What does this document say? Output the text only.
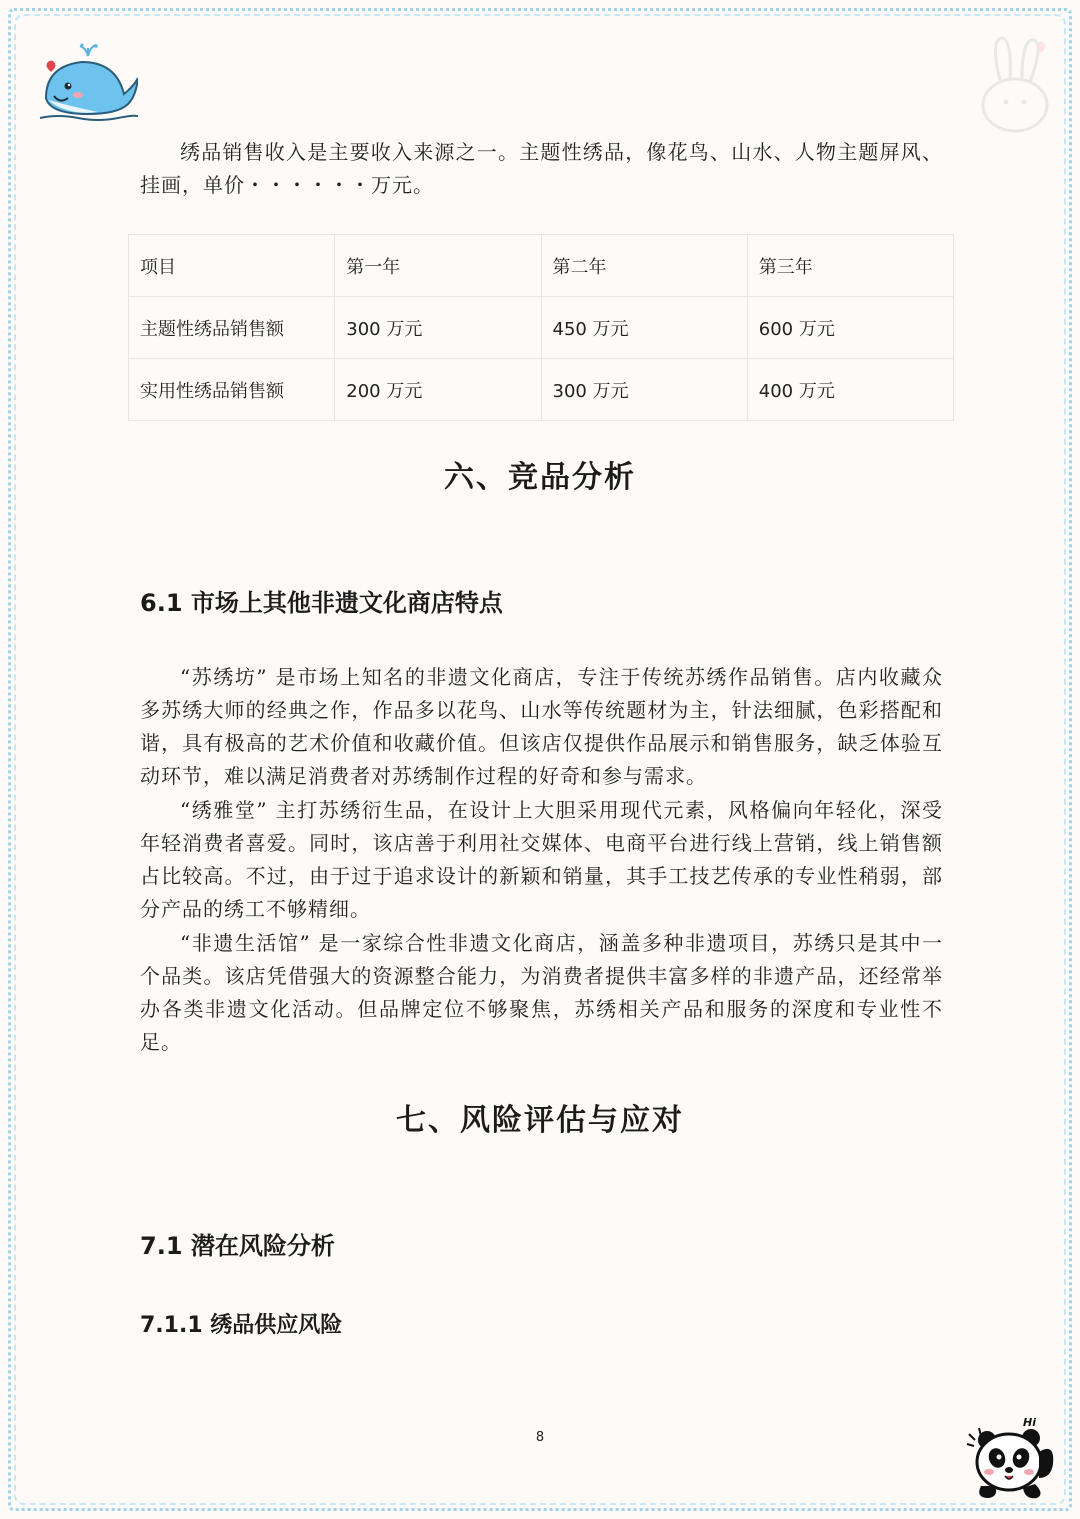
绣品销售收入是主要收入来源之一。主题性绣品，像花鸟、山水、人物主题屏风、挂画，单价・・・・・・万元。

项目	第一年	第二年	第三年
主题性绣品销售额	300 万元	450 万元	600 万元
实用性绣品销售额	200 万元	300 万元	400 万元
六、竞品分析
6.1 市场上其他非遗文化商店特点

“苏绣坊” 是市场上知名的非遗文化商店，专注于传统苏绣作品销售。店内收藏众多苏绣大师的经典之作，作品多以花鸟、山水等传统题材为主，针法细腻，色彩搭配和谐，具有极高的艺术价值和收藏价值。但该店仅提供作品展示和销售服务，缺乏体验互动环节，难以满足消费者对苏绣制作过程的好奇和参与需求。

“绣雅堂” 主打苏绣衍生品，在设计上大胆采用现代元素，风格偏向年轻化，深受年轻消费者喜爱。同时，该店善于利用社交媒体、电商平台进行线上营销，线上销售额占比较高。不过，由于过于追求设计的新颖和销量，其手工技艺传承的专业性稍弱，部分产品的绣工不够精细。

“非遗生活馆” 是一家综合性非遗文化商店，涵盖多种非遗项目，苏绣只是其中一个品类。该店凭借强大的资源整合能力，为消费者提供丰富多样的非遗产品，还经常举办各类非遗文化活动。但品牌定位不够聚焦，苏绣相关产品和服务的深度和专业性不足。

七、风险评估与应对
7.1 潜在风险分析
7.1.1 绣品供应风险
8
Hi
